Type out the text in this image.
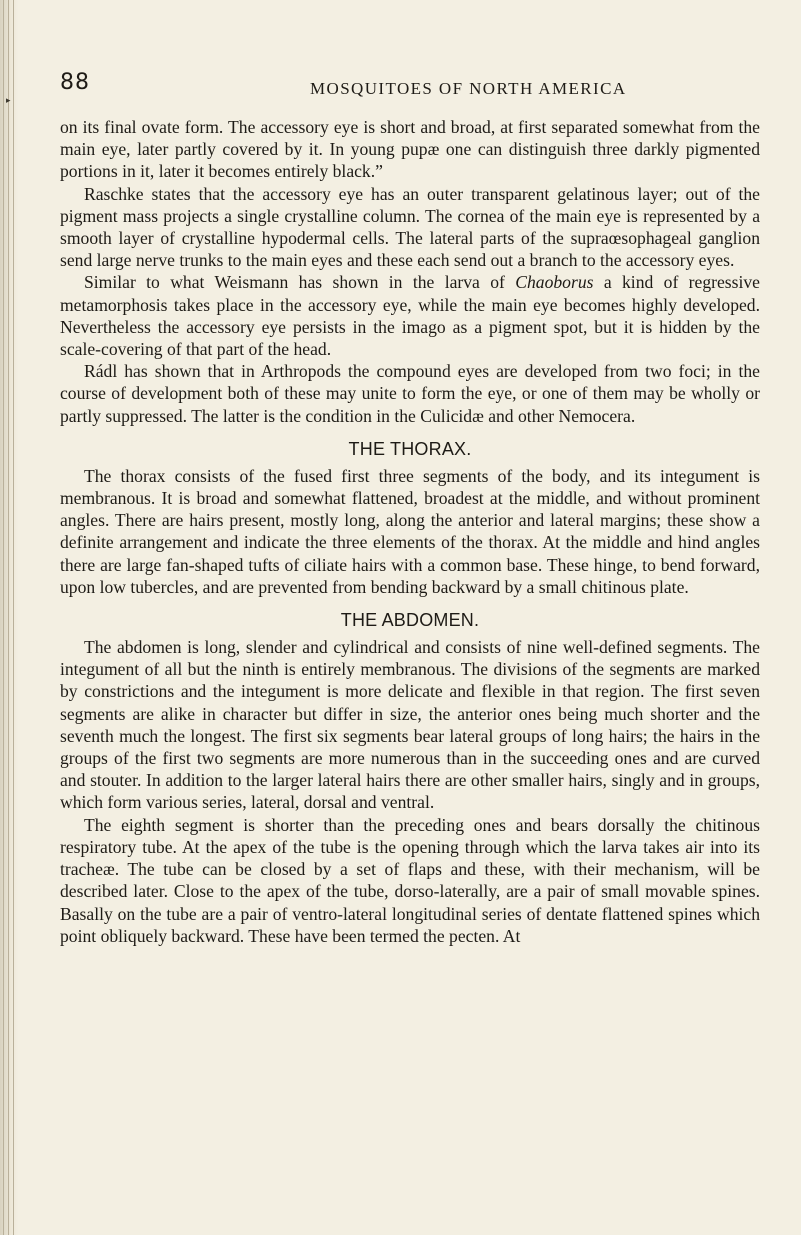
▸
88	MOSQUITOES OF NORTH AMERICA

on its final ovate form. The accessory eye is short and broad, at first separated somewhat from the main eye, later partly covered by it. In young pupæ one can distinguish three darkly pigmented portions in it, later it becomes entirely black.”

Raschke states that the accessory eye has an outer transparent gelatinous layer; out of the pigment mass projects a single crystalline column. The cornea of the main eye is represented by a smooth layer of crystalline hypodermal cells. The lateral parts of the supraœsophageal ganglion send large nerve trunks to the main eyes and these each send out a branch to the accessory eyes.

Similar to what Weismann has shown in the larva of Chaoborus a kind of regressive metamorphosis takes place in the accessory eye, while the main eye becomes highly developed. Nevertheless the accessory eye persists in the imago as a pigment spot, but it is hidden by the scale-covering of that part of the head.

Rádl has shown that in Arthropods the compound eyes are developed from two foci; in the course of development both of these may unite to form the eye, or one of them may be wholly or partly suppressed. The latter is the condition in the Culicidæ and other Nemocera.

THE THORAX.

The thorax consists of the fused first three segments of the body, and its integument is membranous. It is broad and somewhat flattened, broadest at the middle, and without prominent angles. There are hairs present, mostly long, along the anterior and lateral margins; these show a definite arrangement and indicate the three elements of the thorax. At the middle and hind angles there are large fan-shaped tufts of ciliate hairs with a common base. These hinge, to bend forward, upon low tubercles, and are prevented from bending backward by a small chitinous plate.

THE ABDOMEN.

The abdomen is long, slender and cylindrical and consists of nine well-defined segments. The integument of all but the ninth is entirely membranous. The divisions of the segments are marked by constrictions and the integument is more delicate and flexible in that region. The first seven segments are alike in character but differ in size, the anterior ones being much shorter and the seventh much the longest. The first six segments bear lateral groups of long hairs; the hairs in the groups of the first two segments are more numerous than in the succeeding ones and are curved and stouter. In addition to the larger lateral hairs there are other smaller hairs, singly and in groups, which form various series, lateral, dorsal and ventral.

The eighth segment is shorter than the preceding ones and bears dorsally the chitinous respiratory tube. At the apex of the tube is the opening through which the larva takes air into its tracheæ. The tube can be closed by a set of flaps and these, with their mechanism, will be described later. Close to the apex of the tube, dorso-laterally, are a pair of small movable spines. Basally on the tube are a pair of ventro-lateral longitudinal series of dentate flattened spines which point obliquely backward. These have been termed the pecten. At
